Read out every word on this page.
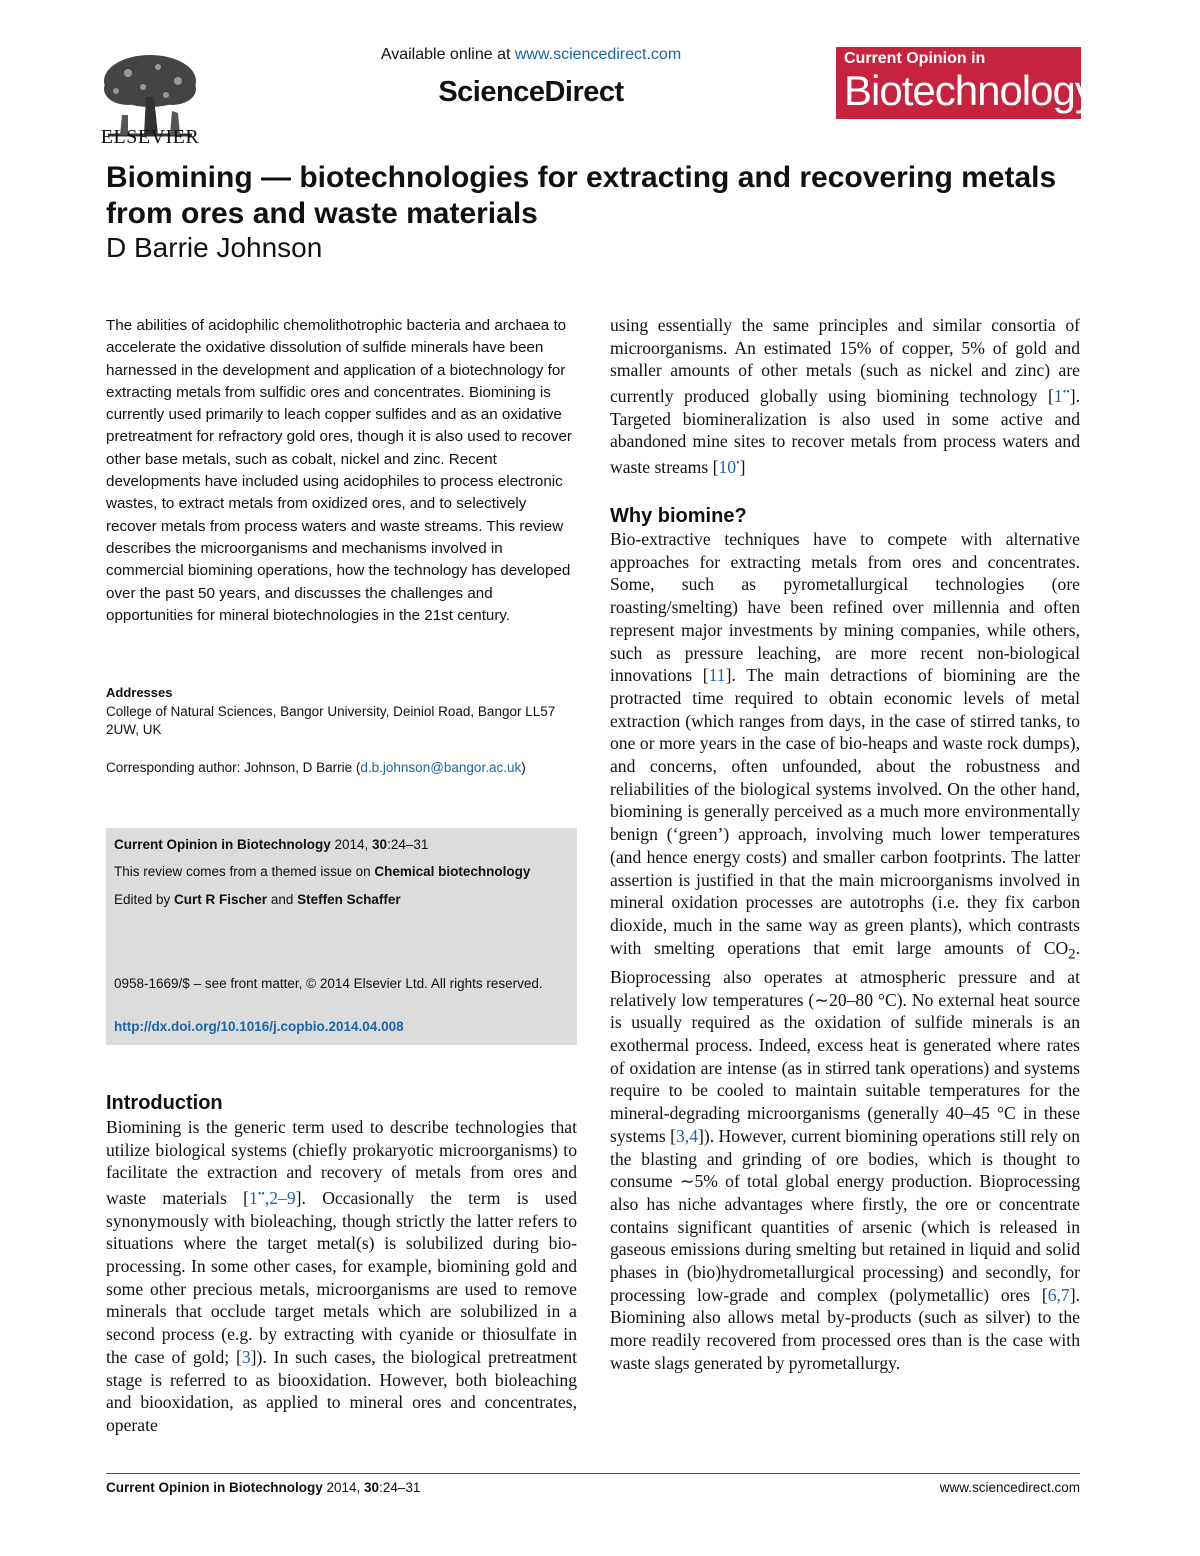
ELSEVIER
Available online at www.sciencedirect.com
ScienceDirect
Current Opinion in
Biotechnology
Biomining — biotechnologies for extracting and recovering metals from ores and waste materials
D Barrie Johnson

The abilities of acidophilic chemolithotrophic bacteria and archaea to accelerate the oxidative dissolution of sulfide minerals have been harnessed in the development and application of a biotechnology for extracting metals from sulfidic ores and concentrates. Biomining is currently used primarily to leach copper sulfides and as an oxidative pretreatment for refractory gold ores, though it is also used to recover other base metals, such as cobalt, nickel and zinc. Recent developments have included using acidophiles to process electronic wastes, to extract metals from oxidized ores, and to selectively recover metals from process waters and waste streams. This review describes the microorganisms and mechanisms involved in commercial biomining operations, how the technology has developed over the past 50 years, and discusses the challenges and opportunities for mineral biotechnologies in the 21st century.

Addresses

College of Natural Sciences, Bangor University, Deiniol Road, Bangor LL57 2UW, UK

Corresponding author: Johnson, D Barrie (d.b.johnson@bangor.ac.uk)
Current Opinion in Biotechnology 2014, 30:24–31
This review comes from a themed issue on Chemical biotechnology
Edited by Curt R Fischer and Steffen Schaffer
0958-1669/$ – see front matter, © 2014 Elsevier Ltd. All rights reserved.
http://dx.doi.org/10.1016/j.copbio.2014.04.008
Introduction

Biomining is the generic term used to describe technologies that utilize biological systems (chiefly prokaryotic microorganisms) to facilitate the extraction and recovery of metals from ores and waste materials [1••,2–9]. Occasionally the term is used synonymously with bioleaching, though strictly the latter refers to situations where the target metal(s) is solubilized during bio-processing. In some other cases, for example, biomining gold and some other precious metals, microorganisms are used to remove minerals that occlude target metals which are solubilized in a second process (e.g. by extracting with cyanide or thiosulfate in the case of gold; [3]). In such cases, the biological pretreatment stage is referred to as biooxidation. However, both bioleaching and biooxidation, as applied to mineral ores and concentrates, operate

using essentially the same principles and similar consortia of microorganisms. An estimated 15% of copper, 5% of gold and smaller amounts of other metals (such as nickel and zinc) are currently produced globally using biomining technology [1••]. Targeted biomineralization is also used in some active and abandoned mine sites to recover metals from process waters and waste streams [10•]

Why biomine?

Bio-extractive techniques have to compete with alternative approaches for extracting metals from ores and concentrates. Some, such as pyrometallurgical technologies (ore roasting/smelting) have been refined over millennia and often represent major investments by mining companies, while others, such as pressure leaching, are more recent non-biological innovations [11]. The main detractions of biomining are the protracted time required to obtain economic levels of metal extraction (which ranges from days, in the case of stirred tanks, to one or more years in the case of bio-heaps and waste rock dumps), and concerns, often unfounded, about the robustness and reliabilities of the biological systems involved. On the other hand, biomining is generally perceived as a much more environmentally benign (‘green’) approach, involving much lower temperatures (and hence energy costs) and smaller carbon footprints. The latter assertion is justified in that the main microorganisms involved in mineral oxidation processes are autotrophs (i.e. they fix carbon dioxide, much in the same way as green plants), which contrasts with smelting operations that emit large amounts of $CO_2$. Bioprocessing also operates at atmospheric pressure and at relatively low temperatures (∼20–80 °C). No external heat source is usually required as the oxidation of sulfide minerals is an exothermal process. Indeed, excess heat is generated where rates of oxidation are intense (as in stirred tank operations) and systems require to be cooled to maintain suitable temperatures for the mineral-degrading microorganisms (generally 40–45 °C in these systems [3,4]). However, current biomining operations still rely on the blasting and grinding of ore bodies, which is thought to consume ∼5% of total global energy production. Bioprocessing also has niche advantages where firstly, the ore or concentrate contains significant quantities of arsenic (which is released in gaseous emissions during smelting but retained in liquid and solid phases in (bio)hydrometallurgical processing) and secondly, for processing low-grade and complex (polymetallic) ores [6,7]. Biomining also allows metal by-products (such as silver) to the more readily recovered from processed ores than is the case with waste slags generated by pyrometallurgy.

Current Opinion in Biotechnology 2014, 30:24–31	www.sciencedirect.com
